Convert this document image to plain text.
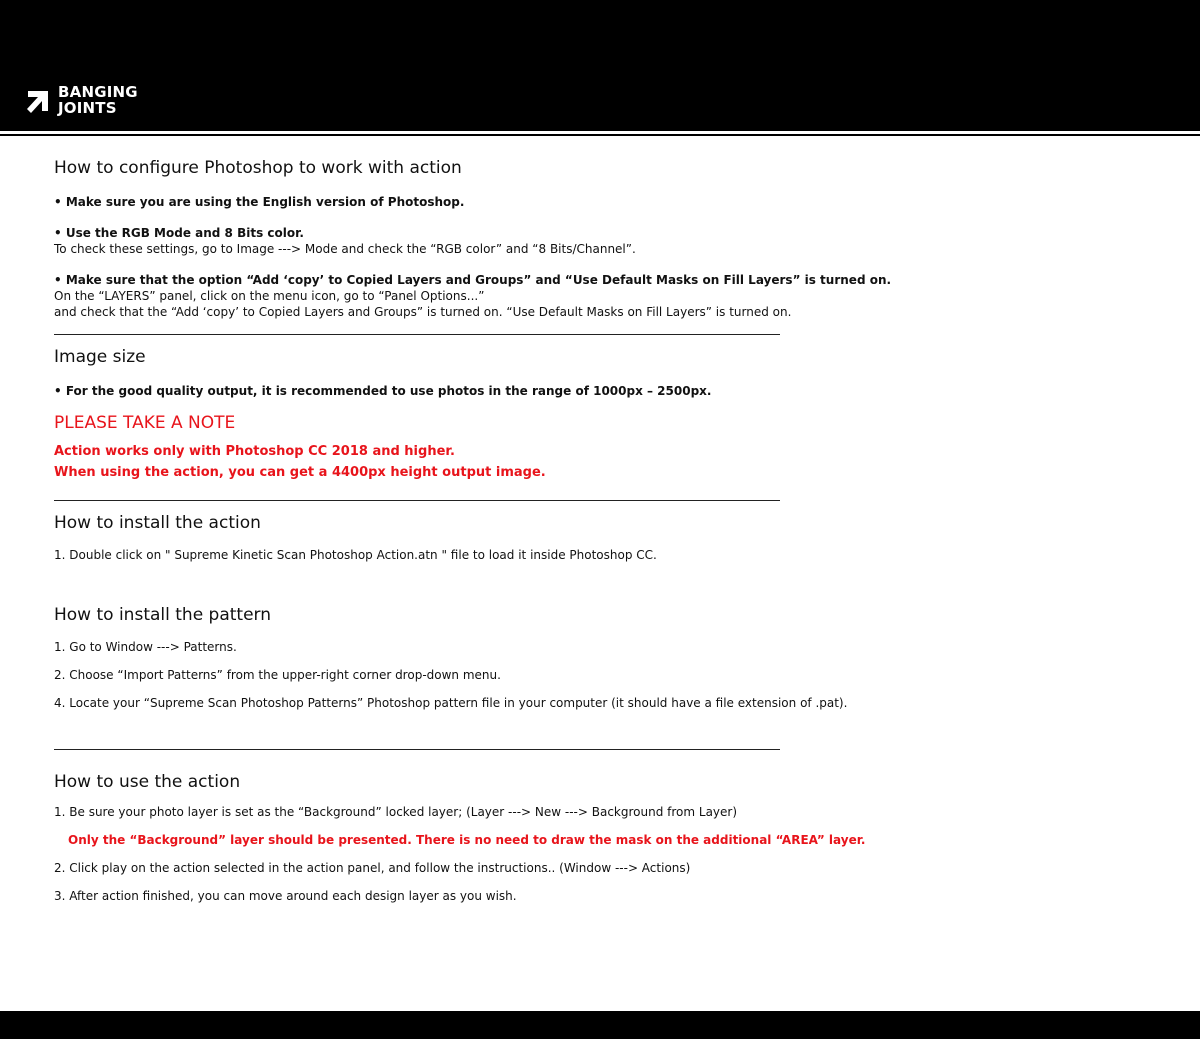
BANGING
JOINTS
How to configure Photoshop to work with action

• Make sure you are using the English version of Photoshop.

• Use the RGB Mode and 8 Bits color.

To check these settings, go to Image ---> Mode and check the “RGB color” and “8 Bits/Channel”.

• Make sure that the option “Add ‘copy’ to Copied Layers and Groups” and “Use Default Masks on Fill Layers” is turned on.

On the “LAYERS” panel, click on the menu icon, go to “Panel Options...”

and check that the “Add ‘copy’ to Copied Layers and Groups” is turned on. “Use Default Masks on Fill Layers” is turned on.

Image size

• For the good quality output, it is recommended to use photos in the range of 1000px – 2500px.

PLEASE TAKE A NOTE

Action works only with Photoshop CC 2018 and higher.

When using the action, you can get a 4400px height output image.

How to install the action

1. Double click on " Supreme Kinetic Scan Photoshop Action.atn " file to load it inside Photoshop CC.

How to install the pattern

1. Go to Window ---> Patterns.

2. Choose “Import Patterns” from the upper-right corner drop-down menu.

4. Locate your “Supreme Scan Photoshop Patterns” Photoshop pattern file in your computer (it should have a file extension of .pat).

How to use the action

1. Be sure your photo layer is set as the “Background” locked layer; (Layer ---> New ---> Background from Layer)

Only the “Background” layer should be presented. There is no need to draw the mask on the additional “AREA” layer.

2. Click play on the action selected in the action panel, and follow the instructions.. (Window ---> Actions)

3. After action finished, you can move around each design layer as you wish.
